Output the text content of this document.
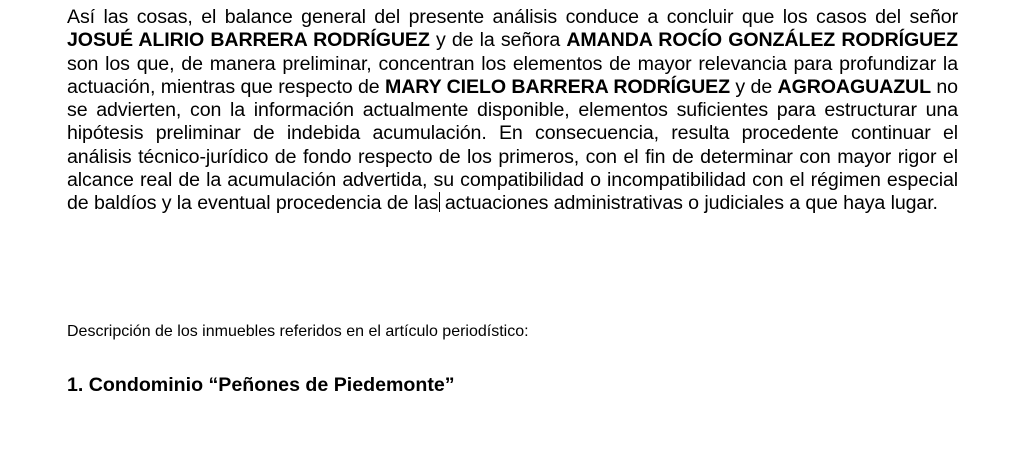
Así las cosas, el balance general del presente análisis conduce a concluir que los casos del señor JOSUÉ ALIRIO BARRERA RODRÍGUEZ y de la señora AMANDA ROCÍO GONZÁLEZ RODRÍGUEZ son los que, de manera preliminar, concentran los elementos de mayor relevancia para profundizar la actuación, mientras que respecto de MARY CIELO BARRERA RODRÍGUEZ y de AGROAGUAZUL no se advierten, con la información actualmente disponible, elementos suficientes para estructurar una hipótesis preliminar de indebida acumulación. En consecuencia, resulta procedente continuar el análisis técnico-jurídico de fondo respecto de los primeros, con el fin de determinar con mayor rigor el alcance real de la acumulación advertida, su compatibilidad o incompatibilidad con el régimen especial de baldíos y la eventual procedencia de las actuaciones administrativas o judiciales a que haya lugar.

Descripción de los inmuebles referidos en el artículo periodístico:

1. Condominio “Peñones de Piedemonte”
